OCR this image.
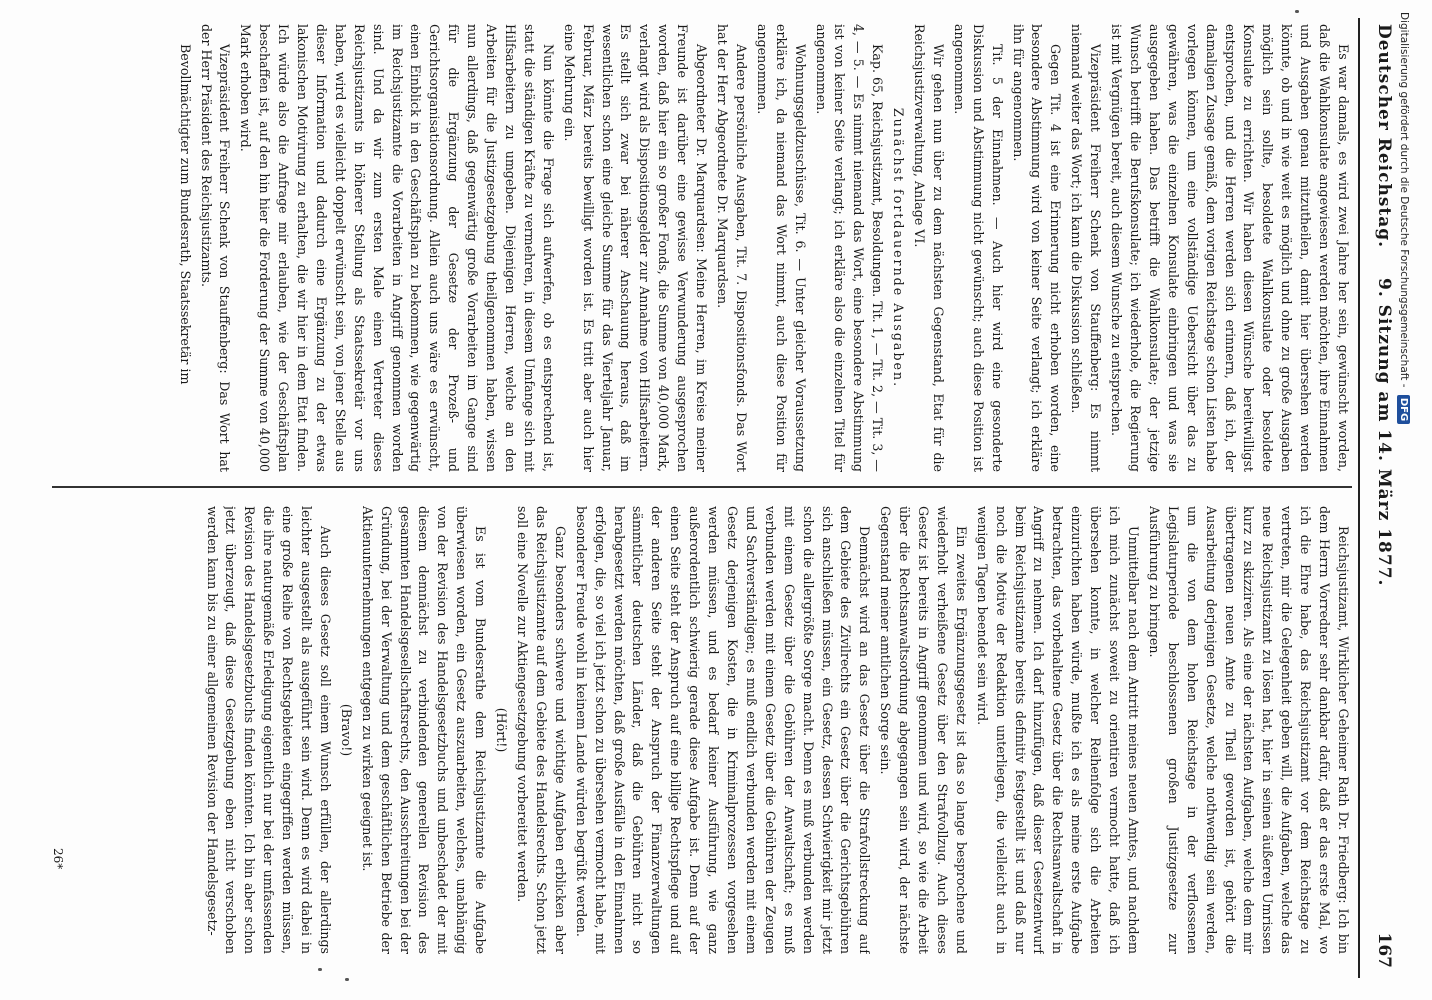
Deutscher Reichstag.
9. Sitzung am 14. März 1877.
167

Es war damals, es wird zwei Jahre her sein, gewünscht worden, daß die Wahlkonsulate angewiesen werden möchten, ihre Einnahmen und Ausgaben genau mitzutheilen, damit hier übersehen werden könnte, ob und in wie weit es möglich und ohne zu große Ausgaben möglich sein sollte, besoldete Wahlkonsulate oder besoldete Konsulate zu errichten. Wir haben diesen Wünsche bereitwilligst entsprochen, und die Herren werden sich erinnern, daß ich, der damaligen Zusage gemäß, dem vorigen Reichstage schon Listen habe vorlegen können, um eine vollständige Uebersicht über das zu gewähren, was die einzelnen Konsulate einbringen und was sie ausgegeben haben. Das betrifft die Wahlkonsulate; der jetzige Wunsch betrifft die Berufskonsulate; ich wiederhole, die Regierung ist mit Vergnügen bereit, auch diesem Wunsche zu entsprechen.

Vizepräsident Freiherr Schenk von Stauffenberg: Es nimmt niemand weiter das Wort; ich kann die Diskussion schließen.

Gegen Tit. 4 ist eine Erinnerung nicht erhoben worden, eine besondere Abstimmung wird von keiner Seite verlangt; ich erkläre ihn für angenommen.

Tit. 5 der Einnahmen. — Auch hier wird eine gesonderte Diskussion und Abstimmung nicht gewünscht; auch diese Position ist angenommen.

Wir gehen nun über zu dem nächsten Gegenstand, Etat für die Reichsjustizverwaltung, Anlage VI.

Zunächst fortdauernde Ausgaben.

Kap. 65, Reichsjustizamt, Besoldungen. Tit. 1, — Tit. 2, — Tit. 3, — 4, — 5. — Es nimmt niemand das Wort, eine besondere Abstimmung ist von keiner Seite verlangt; ich erkläre also die einzelnen Titel für angenommen.

Wohnungsgeldzuschüsse, Tit. 6. — Unter gleicher Voraussetzung erkläre ich, da niemand das Wort nimmt, auch diese Position für angenommen.

Andere persönliche Ausgaben, Tit. 7. Dispositionsfonds. Das Wort hat der Herr Abgeordnete Dr. Marquardsen.

Abgeordneter Dr. Marquardsen: Meine Herren, im Kreise meiner Freunde ist darüber eine gewisse Verwunderung ausgesprochen worden, daß hier ein so großer Fonds, die Summe von 40,000 Mark, verlangt wird als Dispositionsgelder zur Annahme von Hilfsarbeitern. Es stellt sich zwar bei näherer Anschauung heraus, daß im wesentlichen schon eine gleiche Summe für das Vierteljahr Januar, Februar, März bereits bewilligt worden ist. Es tritt aber auch hier eine Mehrung ein.

Nun könnte die Frage sich aufwerfen, ob es entsprechend ist, statt die ständigen Kräfte zu vermehren, in diesem Umfange sich mit Hilfsarbeitern zu umgeben. Diejenigen Herren, welche an den Arbeiten für die Justizgesetzgebung theilgenommen haben, wissen nun allerdings, daß gegenwärtig große Vorarbeiten im Gange sind für die Ergänzung der Gesetze der Prozeß- und Gerichtsorganisationsordnung. Allein auch uns wäre es erwünscht, einen Einblick in den Geschäftsplan zu bekommen, wie gegenwärtig im Reichsjustizamte die Vorarbeiten in Angriff genommen worden sind. Und da wir zum ersten Male einen Vertreter dieses Reichsjustizamts in höherer Stellung als Staatssekretär vor uns haben, wird es vielleicht doppelt erwünscht sein, von jener Stelle aus dieser Information und dadurch eine Ergänzung zu der etwas lakonischen Motivirung zu erhalten, die wir hier in dem Etat finden. Ich würde also die Anfrage mir erlauben, wie der Geschäftsplan beschaffen ist, auf den hin hier die Forderung der Summe von 40,000 Mark erhoben wird.

Vizepräsident Freiherr Schenk von Stauffenberg: Das Wort hat der Herr Präsident des Reichsjustizamts.

Bevollmächtigter zum Bundesrath, Staatssekretär im

Reichsjustizamt, Wirklicher Geheimer Rath Dr. Friedberg: Ich bin dem Herrn Vorredner sehr dankbar dafür, daß er das erste Mal, wo ich die Ehre habe, das Reichsjustizamt vor dem Reichstage zu vertreten, mir die Gelegenheit geben will, die Aufgaben, welche das neue Reichsjustizamt zu lösen hat, hier in seinen äußeren Umrissen kurz zu skizziren. Als eine der nächsten Aufgaben, welche dem mir übertragenen neuen Amte zu Theil geworden ist, gehört die Ausarbeitung derjenigen Gesetze, welche nothwendig sein werden, um die von dem hohen Reichstage in der verflossenen Legislaturperiode beschlossenen großen Justizgesetze zur Ausführung zu bringen.

Unmittelbar nach dem Antritt meines neuen Amtes, und nachdem ich mich zunächst soweit zu orientiren vermocht hatte, daß ich übersehen konnte, in welcher Reihenfolge sich die Arbeiten einzurichten haben würde, mußte ich es als meine erste Aufgabe betrachten, das vorbehaltene Gesetz über die Rechtsanwaltschaft in Angriff zu nehmen. Ich darf hinzufügen, daß dieser Gesetzentwurf beim Reichsjustizamte bereits definitiv festgestellt ist und daß nur noch die Motive der Redaktion unterliegen, die vielleicht auch in wenigen Tagen beendet sein wird.

Ein zweites Ergänzungsgesetz ist das so lange besprochene und wiederholt verheißene Gesetz über den Strafvollzug. Auch dieses Gesetz ist bereits in Angriff genommen und wird, so wie die Arbeit über die Rechtsanwaltsordnung abgegangen sein wird, der nächste Gegenstand meiner amtlichen Sorge sein.

Demnächst wird an das Gesetz über die Strafvollstreckung auf dem Gebiete des Zivilrechts ein Gesetz über die Gerichtsgebühren sich anschließen müssen, ein Gesetz, dessen Schwierigkeit mir jetzt schon die allergrößte Sorge macht. Denn es muß verbunden werden mit einem Gesetz über die Gebühren der Anwaltschaft; es muß verbunden werden mit einem Gesetz über die Gebühren der Zeugen und Sachverständigen; es muß endlich verbunden werden mit einem Gesetz derjenigen Kosten, die in Kriminalprozessen vorgesehen werden müssen, und es bedarf keiner Ausführung, wie ganz außerordentlich schwierig gerade diese Aufgabe ist. Denn auf der einen Seite steht der Anspruch auf eine billige Rechtspflege und auf der anderen Seite steht der Anspruch der Finanzverwaltungen sämmtlicher deutschen Länder, daß die Gebühren nicht so herabgesetzt werden möchten, daß große Ausfälle in den Einnahmen erfolgen, die, so viel ich jetzt schon zu übersehen vermocht habe, mit besonderer Freude wohl in keinem Lande würden begrüßt werden.

Ganz besonders schwere und wichtige Aufgaben erblicken aber das Reichsjustizamte auf dem Gebiete des Handelsrechts. Schon jetzt soll eine Novelle zur Aktiengesetzgebung vorbereitet werden.

(Hört!)

Es ist vom Bundesrathe dem Reichsjustizamte die Aufgabe überwiesen worden, ein Gesetz auszuarbeiten, welches, unabhängig von der Revision des Handelsgesetzbuchs und unbeschadet der mit diesem demnächst zu verbindenden generellen Revision des gesammten Handelsgesellschaftsrechts, den Ausschreitungen bei der Gründung, bei der Verwaltung und dem geschäftlichen Betriebe der Aktienunternehmungen entgegen zu wirken geeignet ist.

(Bravo!)

Auch dieses Gesetz soll einem Wunsch erfüllen, der allerdings leichter ausgestellt als ausgeführt sein wird. Denn es wird dabei in eine große Reihe von Rechtsgebieten eingegriffen werden müssen, die ihre naturgemäße Erledigung eigentlich nur bei der umfassenden Revision des Handelsgesetzbuchs finden könnten. Ich bin aber schon jetzt überzeugt, daß diese Gesetzgebung eben nicht verschoben werden kann bis zu einer allgemeinen Revision der Handelsgesetz-

26*
Digitalisierung gefördert durch die Deutsche Forschungsgemeinschaft - DFG
